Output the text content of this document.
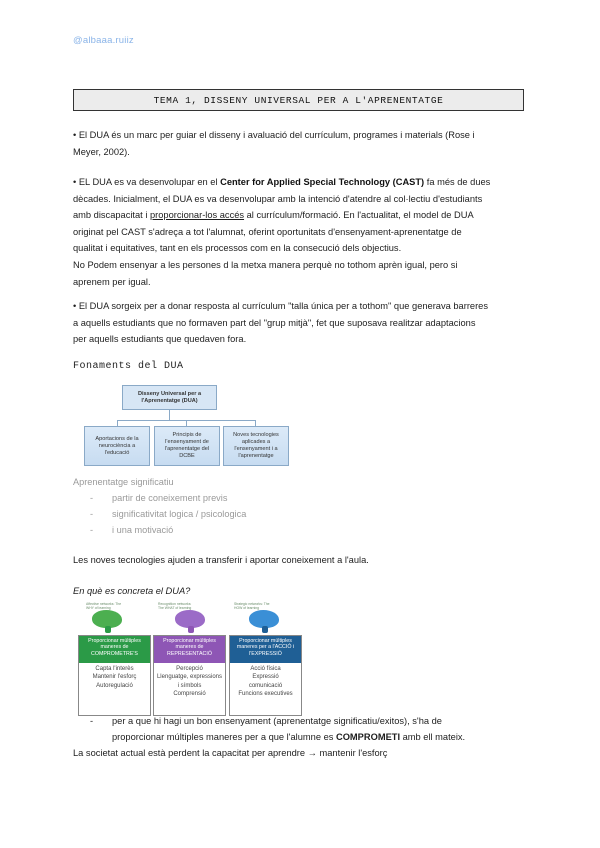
@albaaa.ruiiz
TEMA 1, DISSENY UNIVERSAL PER A L'APRENENTATGE
• El DUA és un marc per guiar el disseny i avaluació del currículum, programes i materials (Rose i
Meyer, 2002).
• EL DUA es va desenvolupar en el Center for Applied Special Technology (CAST) fa més de dues
dècades. Inicialment, el DUA es va desenvolupar amb la intenció d'atendre al col·lectiu d'estudiants
amb discapacitat i proporcionar-los accés al currículum/formació. En l'actualitat, el model de DUA
originat pel CAST s'adreça a tot l'alumnat, oferint oportunitats d'ensenyament-aprenentatge de
qualitat i equitatives, tant en els processos com en la consecució dels objectius.
No Podem ensenyar a les persones d la metxa manera perquè no tothom aprèn igual, pero si
aprenem per igual.
• El DUA sorgeix per a donar resposta al currículum "talla única per a tothom" que generava barreres
a aquells estudiants que no formaven part del "grup mitjà", fet que suposava realitzar adaptacions
per aquells estudiants que quedaven fora.
Fonaments del DUA
Disseny Universal per a l'Aprenentatge (DUA)
Aportacions de la neurociència a l'educació
Principis de l'ensenyament de l'aprenentatge del DCBE
Noves tecnologies aplicades a l'ensenyament i a l'aprenentatge
Aprenentatge significatiu
- partir de coneixement previs
- significativitat logica / psicologica
- i una motivació
Les noves tecnologies ajuden a transferir i aportar coneixement a l'aula.
En què es concreta el DUA?
Affective networks: The WHY of learning
Proporcionar múltiples maneres de COMPROMETRE'S
Capta l'interès
Mantenir l'esforç
Autoregulació
Recognition networks: The WHAT of learning
Proporcionar múltiples maneres de REPRESENTACIÓ
Percepció
Llenguatge, expressions
i símbols
Comprensió
Strategic networks: The HOW of learning
Proporcionar múltiples maneres per a l'ACCIÓ i l'EXPRESSIÓ
Acció física
Expressió
comunicació
Funcions executives
- per a que hi hagi un bon ensenyament (aprenentatge significatiu/exitos), s'ha de
proporcionar múltiples maneres per a que l'alumne es COMPROMETI amb ell mateix.
La societat actual està perdent la capacitat per aprendre → mantenir l'esforç
